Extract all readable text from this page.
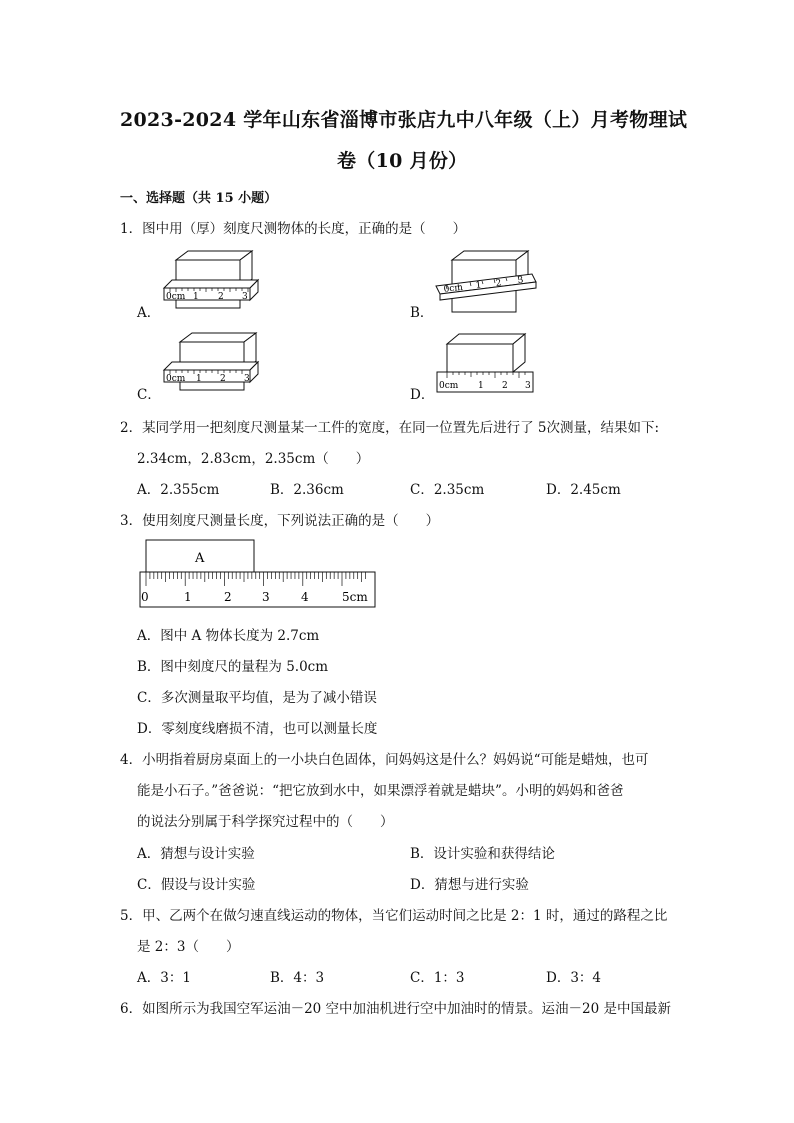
2023-2024 学年山东省淄博市张店九中八年级（上）月考物理试
卷（10 月份）
一、选择题（共 15 小题）
1．图中用（厚）刻度尺测物体的长度，正确的是（　　）
A．	B．
C．	D．
0cm 1 2 3
0cm 1 2 3
0cm 1 2 3
0cm 1 2 3
2．某同学用一把刻度尺测量某一工件的宽度，在同一位置先后进行了 5次测量，结果如下:
2.34cm，2.83cm，2.35cm（　　）
A．2.355cm	B．2.36cm	C．2.35cm	D．2.45cm
3．使用刻度尺测量长度，下列说法正确的是（　　）
A
0	1	2	3	4	5cm
A．图中 A 物体长度为 2.7cm
B．图中刻度尺的量程为 5.0cm
C．多次测量取平均值，是为了减小错误
D．零刻度线磨损不清，也可以测量长度
4．小明指着厨房桌面上的一小块白色固体，问妈妈这是什么？妈妈说“可能是蜡烛，也可
能是小石子。”爸爸说：“把它放到水中，如果漂浮着就是蜡块”。小明的妈妈和爸爸
的说法分别属于科学探究过程中的（　　）
A．猜想与设计实验	B．设计实验和获得结论
C．假设与设计实验	D．猜想与进行实验
5．甲、乙两个在做匀速直线运动的物体，当它们运动时间之比是 2：1 时，通过的路程之比
是 2：3（　　）
A．3：1	B．4：3	C．1：3	D．3：4
6．如图所示为我国空军运油－20 空中加油机进行空中加油时的情景。运油－20 是中国最新
